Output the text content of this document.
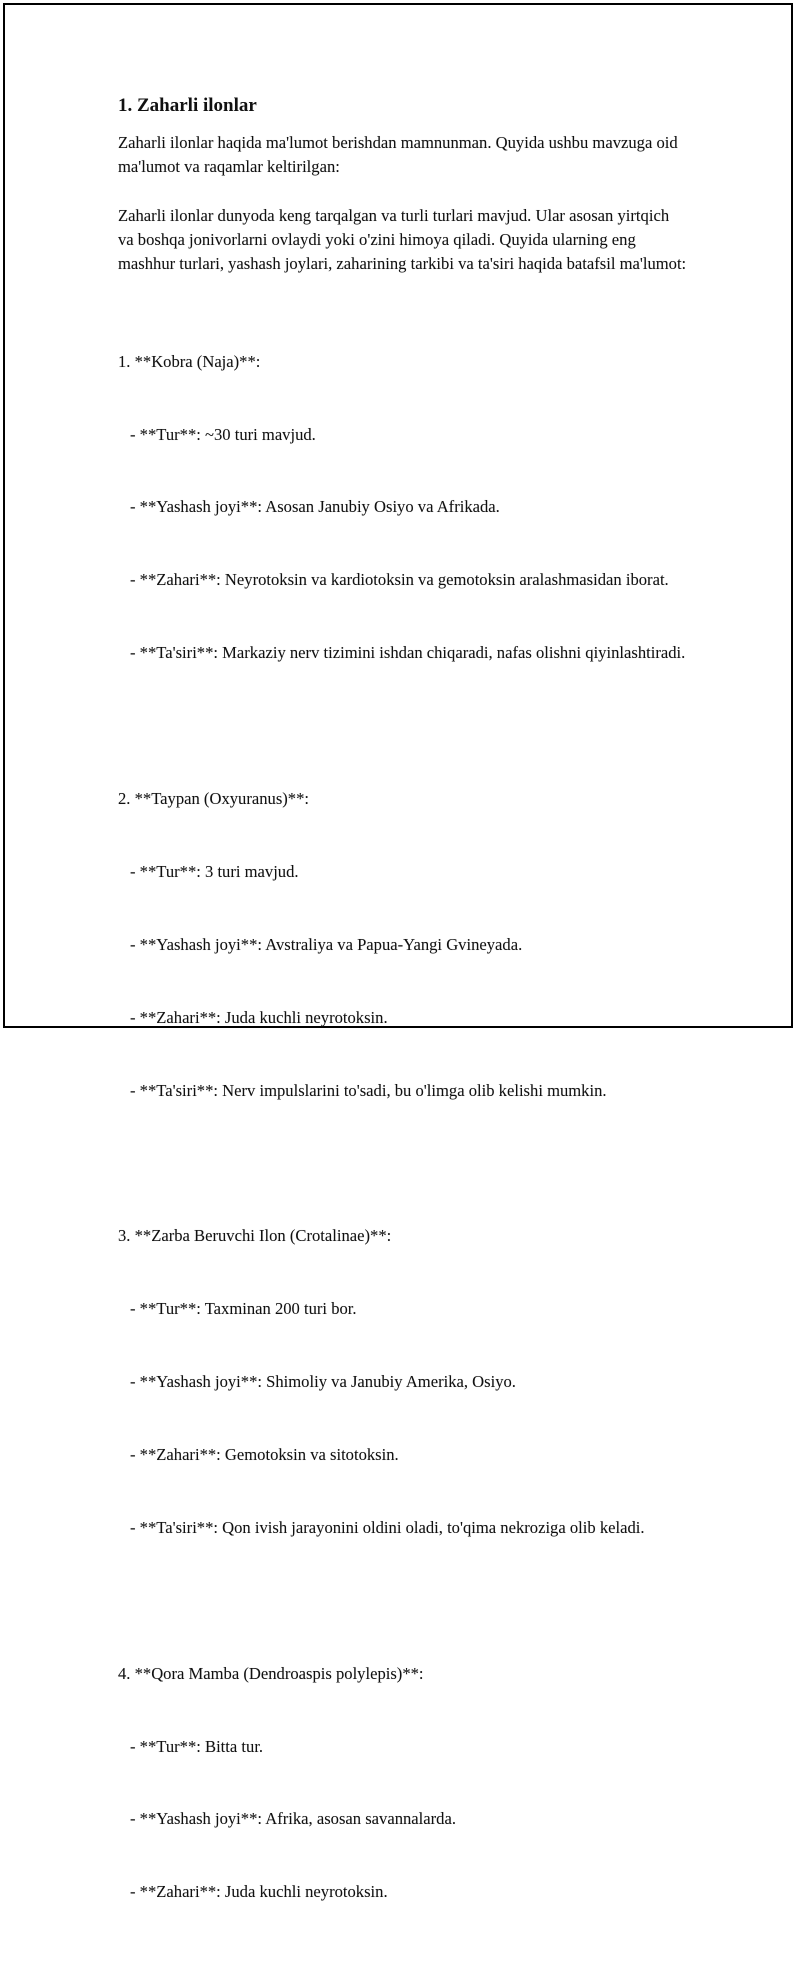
1. Zaharli ilonlar

Zaharli ilonlar haqida ma'lumot berishdan mamnunman. Quyida ushbu mavzuga oid ma'lumot va raqamlar keltirilgan:

Zaharli ilonlar dunyoda keng tarqalgan va turli turlari mavjud. Ular asosan yirtqich va boshqa jonivorlarni ovlaydi yoki o'zini himoya qiladi. Quyida ularning eng mashhur turlari, yashash joylari, zaharining tarkibi va ta'siri haqida batafsil ma'lumot:

1. **Kobra (Naja)**:

- **Tur**: ~30 turi mavjud.

- **Yashash joyi**: Asosan Janubiy Osiyo va Afrikada.

- **Zahari**: Neyrotoksin va kardiotoksin va gemotoksin aralashmasidan iborat.

- **Ta'siri**: Markaziy nerv tizimini ishdan chiqaradi, nafas olishni qiyinlashtiradi.

2. **Taypan (Oxyuranus)**:

- **Tur**: 3 turi mavjud.

- **Yashash joyi**: Avstraliya va Papua-Yangi Gvineyada.

- **Zahari**: Juda kuchli neyrotoksin.

- **Ta'siri**: Nerv impulslarini to'sadi, bu o'limga olib kelishi mumkin.

3. **Zarba Beruvchi Ilon (Crotalinae)**:

- **Tur**: Taxminan 200 turi bor.

- **Yashash joyi**: Shimoliy va Janubiy Amerika, Osiyo.

- **Zahari**: Gemotoksin va sitotoksin.

- **Ta'siri**: Qon ivish jarayonini oldini oladi, to'qima nekroziga olib keladi.

4. **Qora Mamba (Dendroaspis polylepis)**:

- **Tur**: Bitta tur.

- **Yashash joyi**: Afrika, asosan savannalarda.

- **Zahari**: Juda kuchli neyrotoksin.
